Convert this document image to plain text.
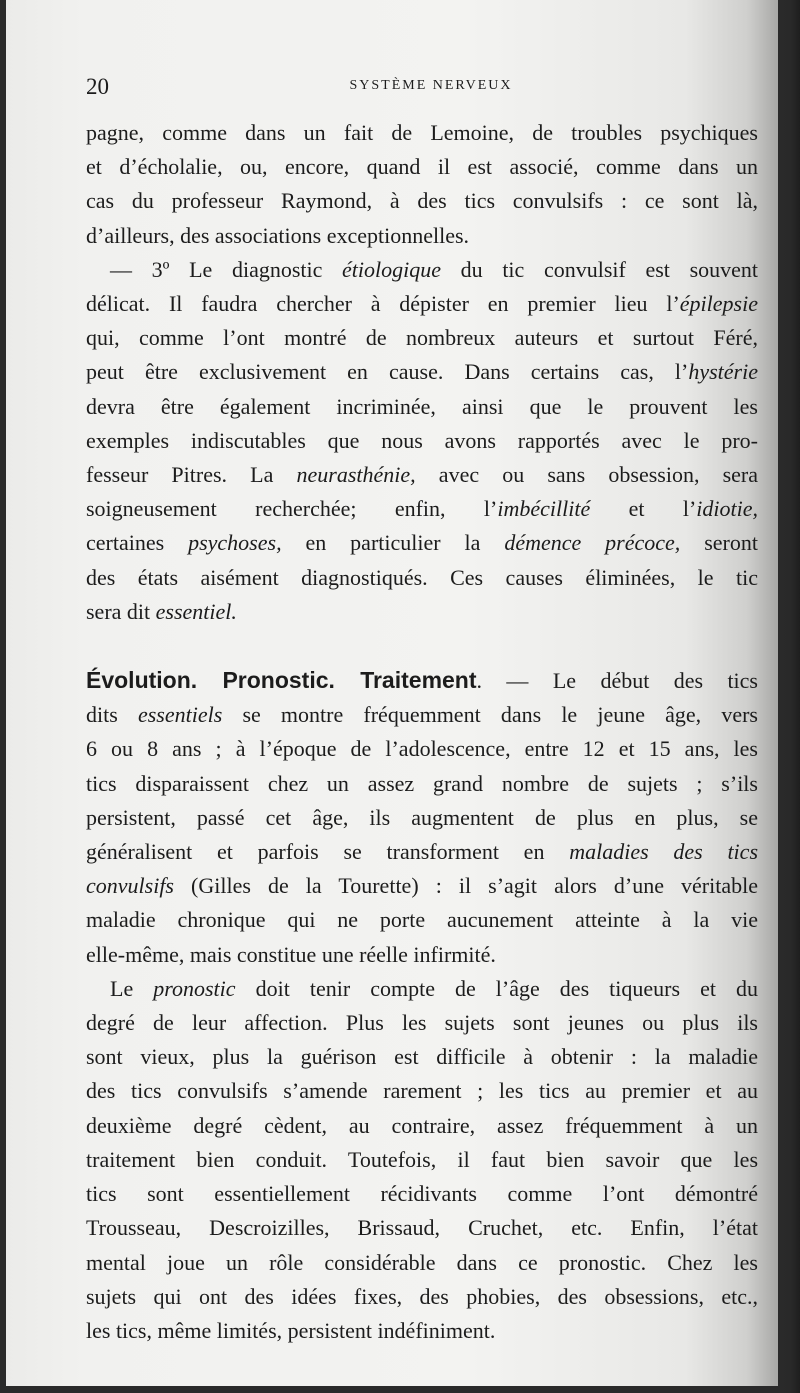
20	SYSTÈME NERVEUX
pagne, comme dans un fait de Lemoine, de troubles psychiques
et d’écholalie, ou, encore, quand il est associé, comme dans un
cas du professeur Raymond, à des tics convulsifs : ce sont là,
d’ailleurs, des associations exceptionnelles.
— 3º Le diagnostic étiologique du tic convulsif est souvent
délicat. Il faudra chercher à dépister en premier lieu l’épilepsie
qui, comme l’ont montré de nombreux auteurs et surtout Féré,
peut être exclusivement en cause. Dans certains cas, l’hystérie
devra être également incriminée, ainsi que le prouvent les
exemples indiscutables que nous avons rapportés avec le pro-
fesseur Pitres. La neurasthénie, avec ou sans obsession, sera
soigneusement recherchée; enfin, l’imbécillité et l’idiotie,
certaines psychoses, en particulier la démence précoce, seront
des états aisément diagnostiqués. Ces causes éliminées, le tic
sera dit essentiel.
Évolution. Pronostic. Traitement. — Le début des tics
dits essentiels se montre fréquemment dans le jeune âge, vers
6 ou 8 ans ; à l’époque de l’adolescence, entre 12 et 15 ans, les
tics disparaissent chez un assez grand nombre de sujets ; s’ils
persistent, passé cet âge, ils augmentent de plus en plus, se
généralisent et parfois se transforment en maladies des tics
convulsifs (Gilles de la Tourette) : il s’agit alors d’une véritable
maladie chronique qui ne porte aucunement atteinte à la vie
elle-même, mais constitue une réelle infirmité.
Le pronostic doit tenir compte de l’âge des tiqueurs et du
degré de leur affection. Plus les sujets sont jeunes ou plus ils
sont vieux, plus la guérison est difficile à obtenir : la maladie
des tics convulsifs s’amende rarement ; les tics au premier et au
deuxième degré cèdent, au contraire, assez fréquemment à un
traitement bien conduit. Toutefois, il faut bien savoir que les
tics sont essentiellement récidivants comme l’ont démontré
Trousseau, Descroizilles, Brissaud, Cruchet, etc. Enfin, l’état
mental joue un rôle considérable dans ce pronostic. Chez les
sujets qui ont des idées fixes, des phobies, des obsessions, etc.,
les tics, même limités, persistent indéfiniment.
